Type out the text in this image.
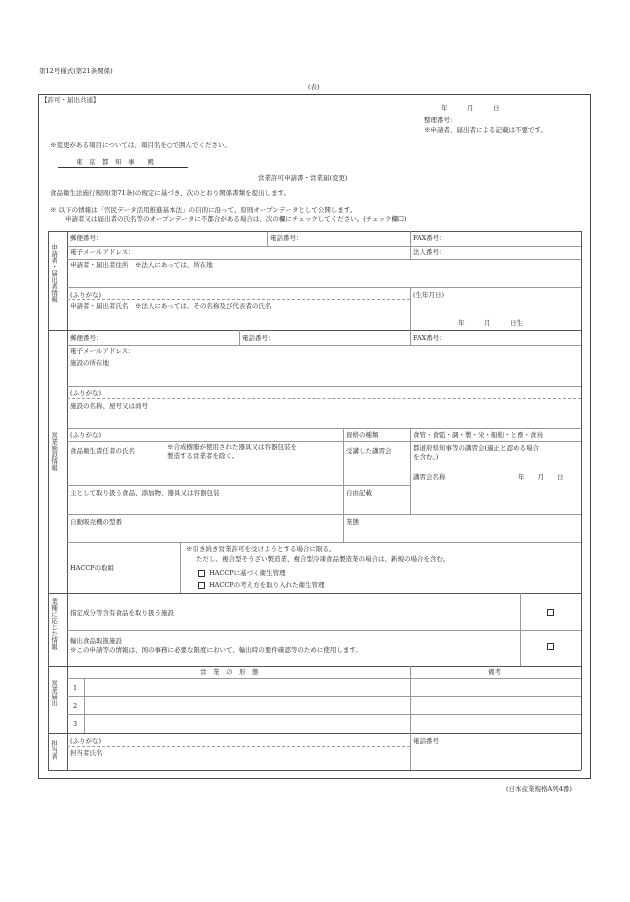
第12号様式(第21条関係)
(表)
【許可・届出共通】
年　　　月　　　日
整理番号：
※申請者、届出者による記載は不要です。
※変更がある項目については、項目名を○で囲んでください。
東　京　都　知　事　　殿
営業許可申請書・営業届(変更)
食品衛生法施行規則(第71条)の規定に基づき、次のとおり関係書類を提出します。
※ 以下の情報は「官民データ活用推進基本法」の目的に沿って、原則オープンデータとして公開します。
申請者又は届出者の氏名等のオープンデータに不都合がある場合は、次の欄にチェックしてください。(チェック欄☐)
申請者・届出者情報
郵便番号：	電話番号：	FAX番号：
電子メールアドレス：	法人番号：
申請者・届出者住所　※法人にあっては、所在地
(ふりがな)	(生年月日)
申請者・届出者氏名　※法人にあっては、その名称及び代表者の氏名
年　　　月　　　日生
営業施設情報
郵便番号：	電話番号：	FAX番号：
電子メールアドレス：
施設の所在地
(ふりがな)
施設の名称、屋号又は商号
(ふりがな)	資格の種類	食管・食監・調・製・栄・船舶・と畜・食鳥
食品衛生責任者の氏名	※合成樹脂が使用された器具又は容器包装を
製造する営業者を除く。
受講した講習会	都道府県知事等の講習会(適正と認める場合
を含む。)
講習会名称	年　　月　　日
主として取り扱う食品、添加物、器具又は容器包装	自由記載
自動販売機の型番	業態
HACCPの取組
※引き続き営業許可を受けようとする場合に限る。
ただし、複合型そうざい製造業、複合型冷凍食品製造業の場合は、新規の場合を含む。
HACCPに基づく衛生管理
HACCPの考え方を取り入れた衛生管理
業種に応じた情報 指定成分等含有食品を取り扱う施設
輸出食品取扱施設
※この申請等の情報は、国の事務に必要な限度において、輸出時の要件確認等のために使用します。
営業届出
営　業　の　形　態	備考
1
2
3
担当者 (ふりがな)	電話番号
担当者氏名
(日本産業規格A列4番)
